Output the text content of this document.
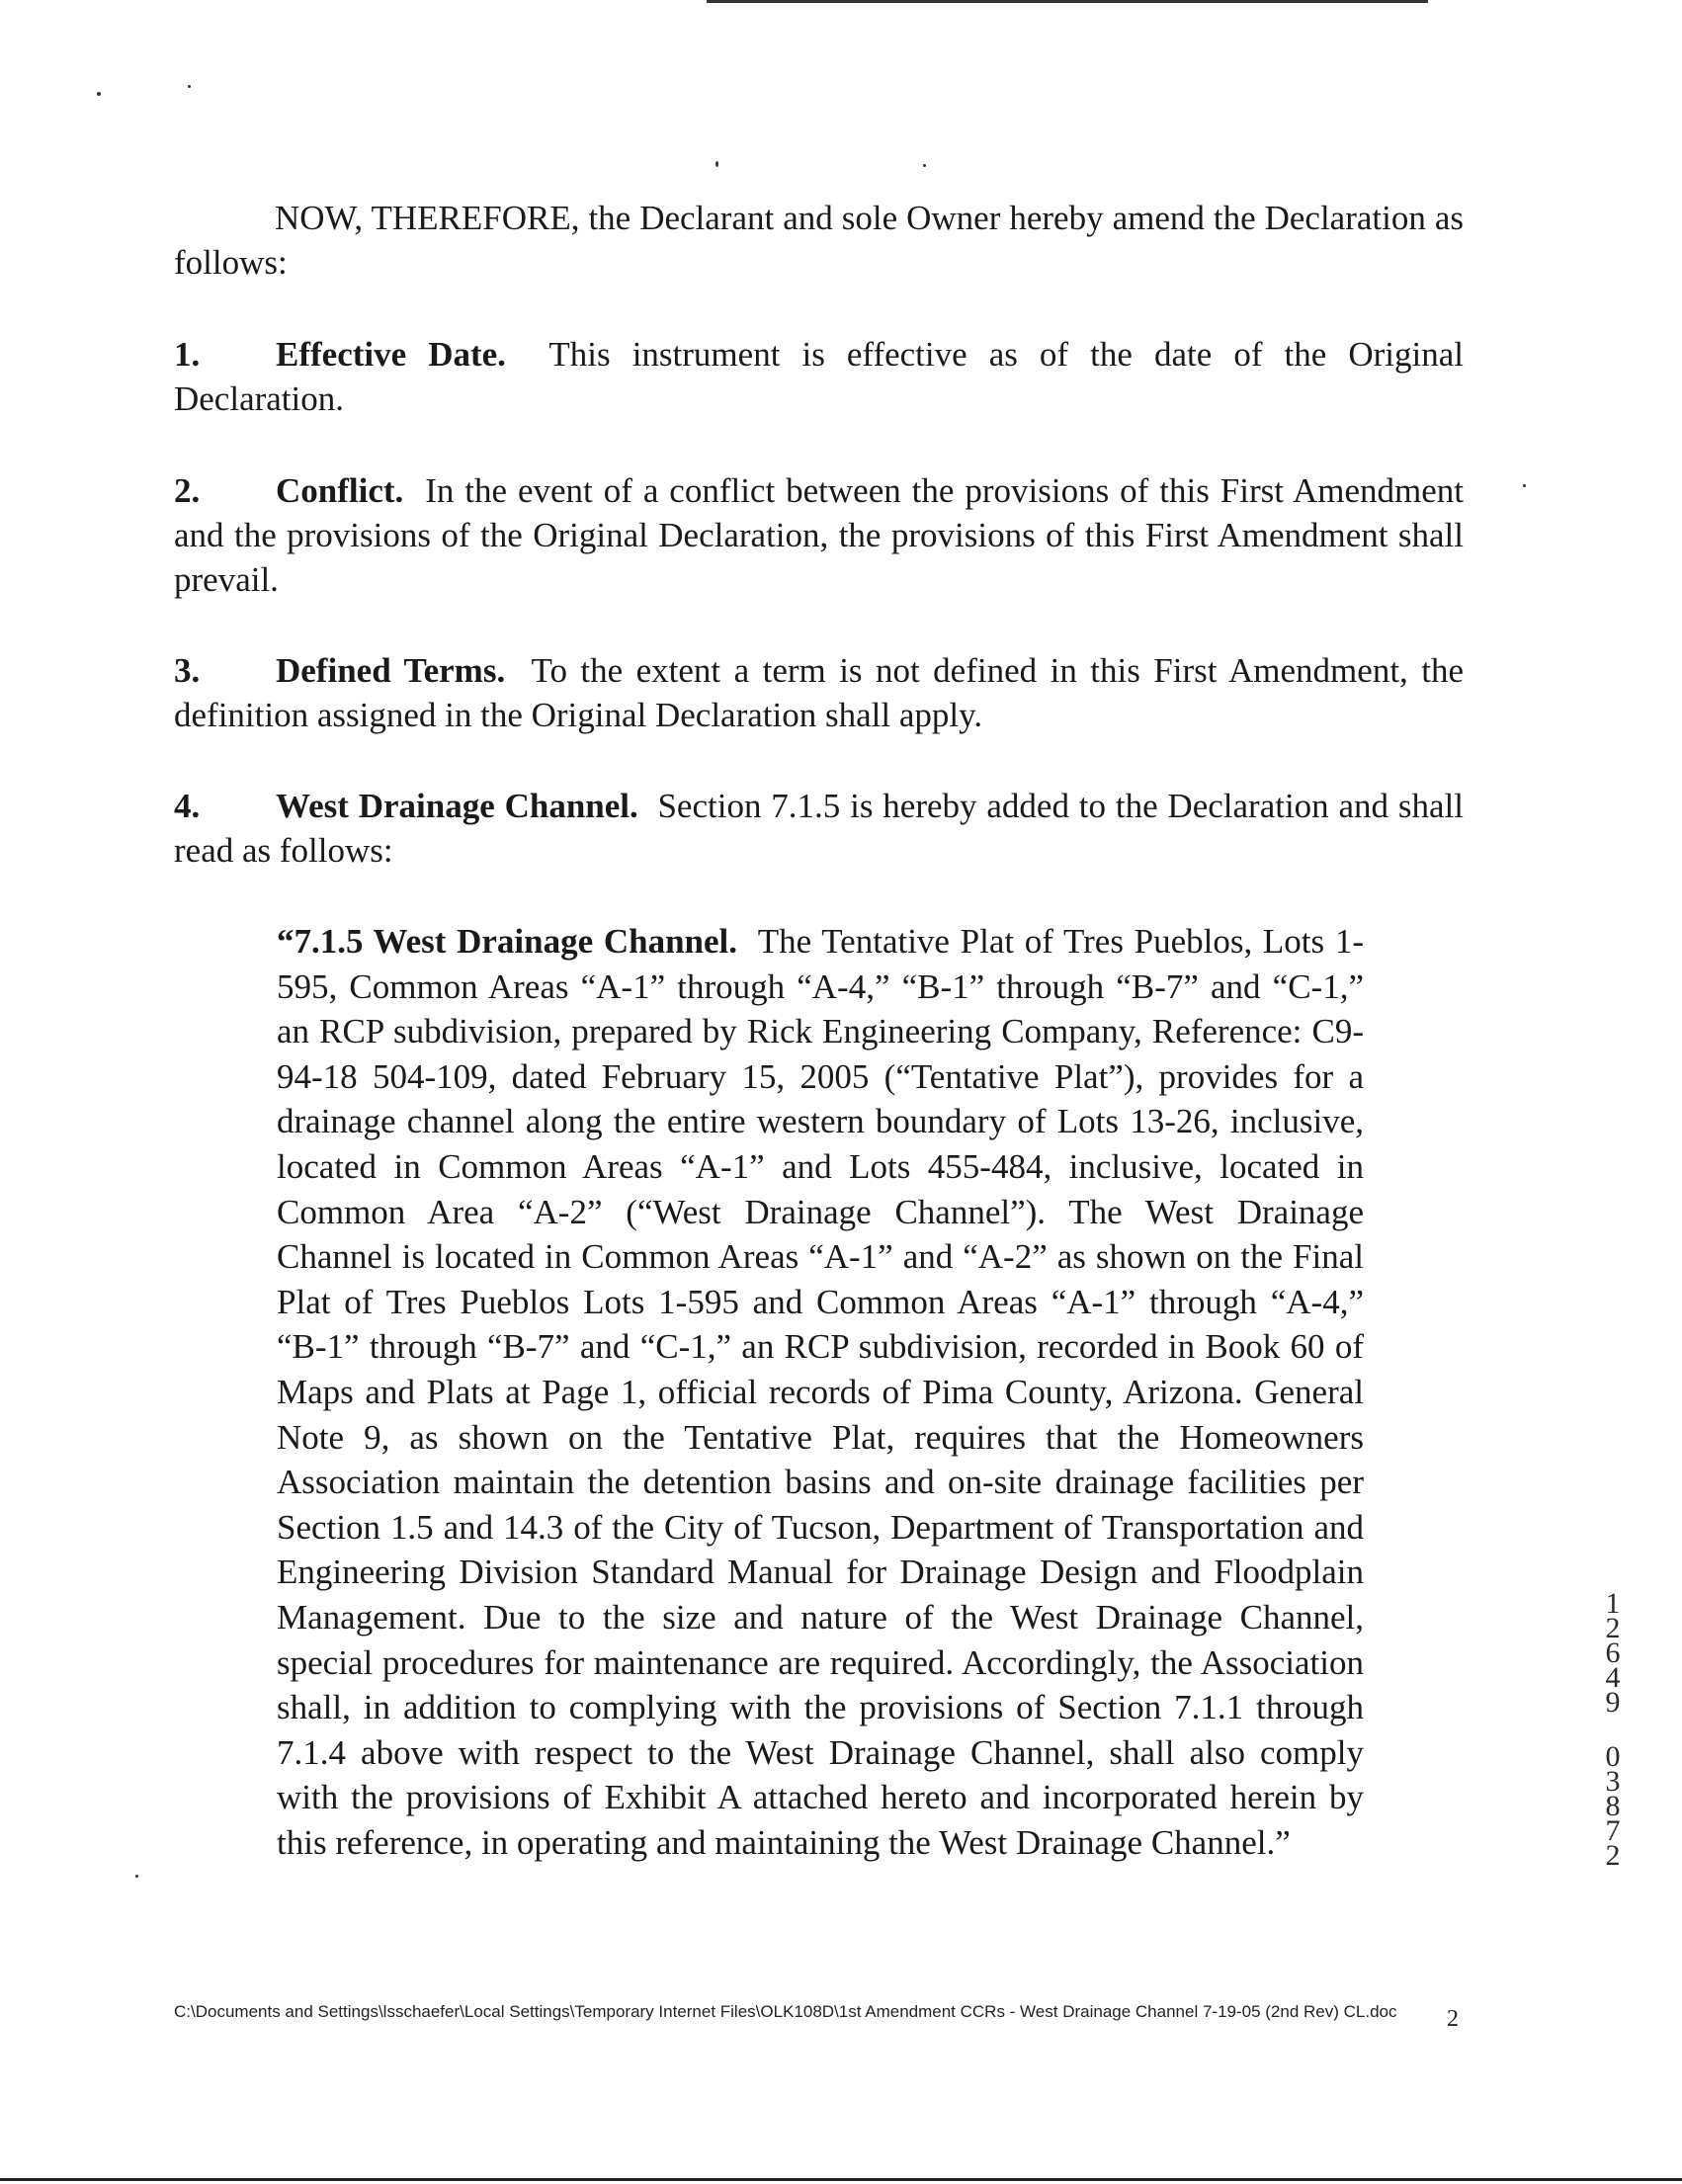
NOW, THEREFORE, the Declarant and sole Owner hereby amend the Declaration as follows:

1. Effective Date. This instrument is effective as of the date of the Original Declaration.

2. Conflict. In the event of a conflict between the provisions of this First Amendment and the provisions of the Original Declaration, the provisions of this First Amendment shall prevail.

3. Defined Terms. To the extent a term is not defined in this First Amendment, the definition assigned in the Original Declaration shall apply.

4. West Drainage Channel. Section 7.1.5 is hereby added to the Declaration and shall read as follows:

“7.1.5 West Drainage Channel. The Tentative Plat of Tres Pueblos, Lots 1-595, Common Areas “A-1” through “A-4,” “B-1” through “B-7” and “C-1,” an RCP subdivision, prepared by Rick Engineering Company, Reference: C9-94-18 504-109, dated February 15, 2005 (“Tentative Plat”), provides for a drainage channel along the entire western boundary of Lots 13-26, inclusive, located in Common Areas “A-1” and Lots 455-484, inclusive, located in Common Area “A-2” (“West Drainage Channel”). The West Drainage Channel is located in Common Areas “A-1” and “A-2” as shown on the Final Plat of Tres Pueblos Lots 1-595 and Common Areas “A-1” through “A-4,” “B-1” through “B-7” and “C-1,” an RCP subdivision, recorded in Book 60 of Maps and Plats at Page 1, official records of Pima County, Arizona. General Note 9, as shown on the Tentative Plat, requires that the Homeowners Association maintain the detention basins and on-site drainage facilities per Section 1.5 and 14.3 of the City of Tucson, Department of Transportation and Engineering Division Standard Manual for Drainage Design and Floodplain Management. Due to the size and nature of the West Drainage Channel, special procedures for maintenance are required. Accordingly, the Association shall, in addition to complying with the provisions of Section 7.1.1 through 7.1.4 above with respect to the West Drainage Channel, shall also comply with the provisions of Exhibit A attached hereto and incorporated herein by this reference, in operating and maintaining the West Drainage Channel.”

1
2
6
4
9
0
3
8
7
2
C:\Documents and Settings\lsschaefer\Local Settings\Temporary Internet Files\OLK108D\1st Amendment CCRs - West Drainage Channel 7-19-05 (2nd Rev) CL.doc	2
